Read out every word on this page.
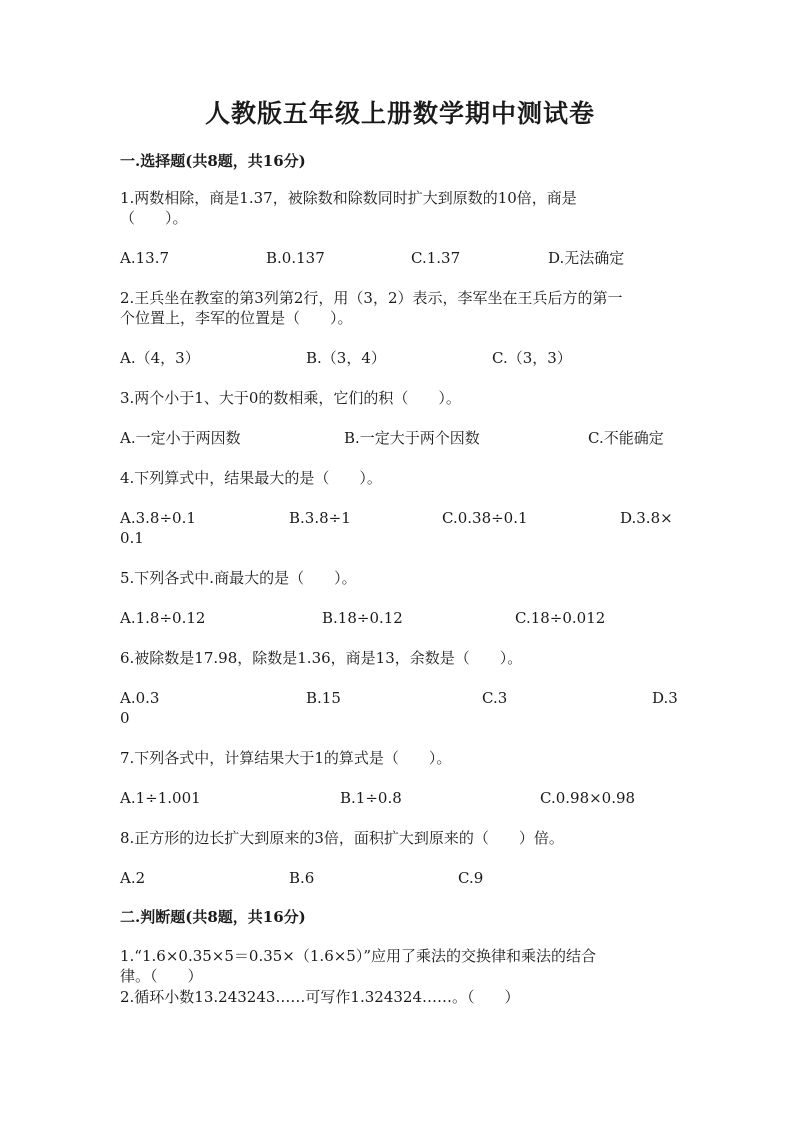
人教版五年级上册数学期中测试卷
一.选择题(共8题，共16分)
1.两数相除，商是1.37，被除数和除数同时扩大到原数的10倍，商是
（　　）。
A.13.7	B.0.137	C.1.37	D.无法确定
2.王兵坐在教室的第3列第2行，用（3，2）表示，李军坐在王兵后方的第一
个位置上，李军的位置是（　　）。
A.（4，3）	B.（3，4）	C.（3，3）
3.两个小于1、大于0的数相乘，它们的积（　　）。
A.一定小于两因数	B.一定大于两个因数	C.不能确定
4.下列算式中，结果最大的是（　　）。
A.3.8÷0.1	B.3.8÷1	C.0.38÷0.1	D.3.8×
0.1
5.下列各式中.商最大的是（　　）。
A.1.8÷0.12	B.18÷0.12	C.18÷0.012
6.被除数是17.98，除数是1.36，商是13，余数是（　　）。
A.0.3	B.15	C.3	D.3
0
7.下列各式中，计算结果大于1的算式是（　　）。
A.1÷1.001	B.1÷0.8	C.0.98×0.98
8.正方形的边长扩大到原来的3倍，面积扩大到原来的（　　）倍。
A.2	B.6	C.9
二.判断题(共8题，共16分)
1.“1.6×0.35×5＝0.35×（1.6×5）”应用了乘法的交换律和乘法的结合
律。（　　）
2.循环小数13.243243……可写作1.324324……。（　　）
